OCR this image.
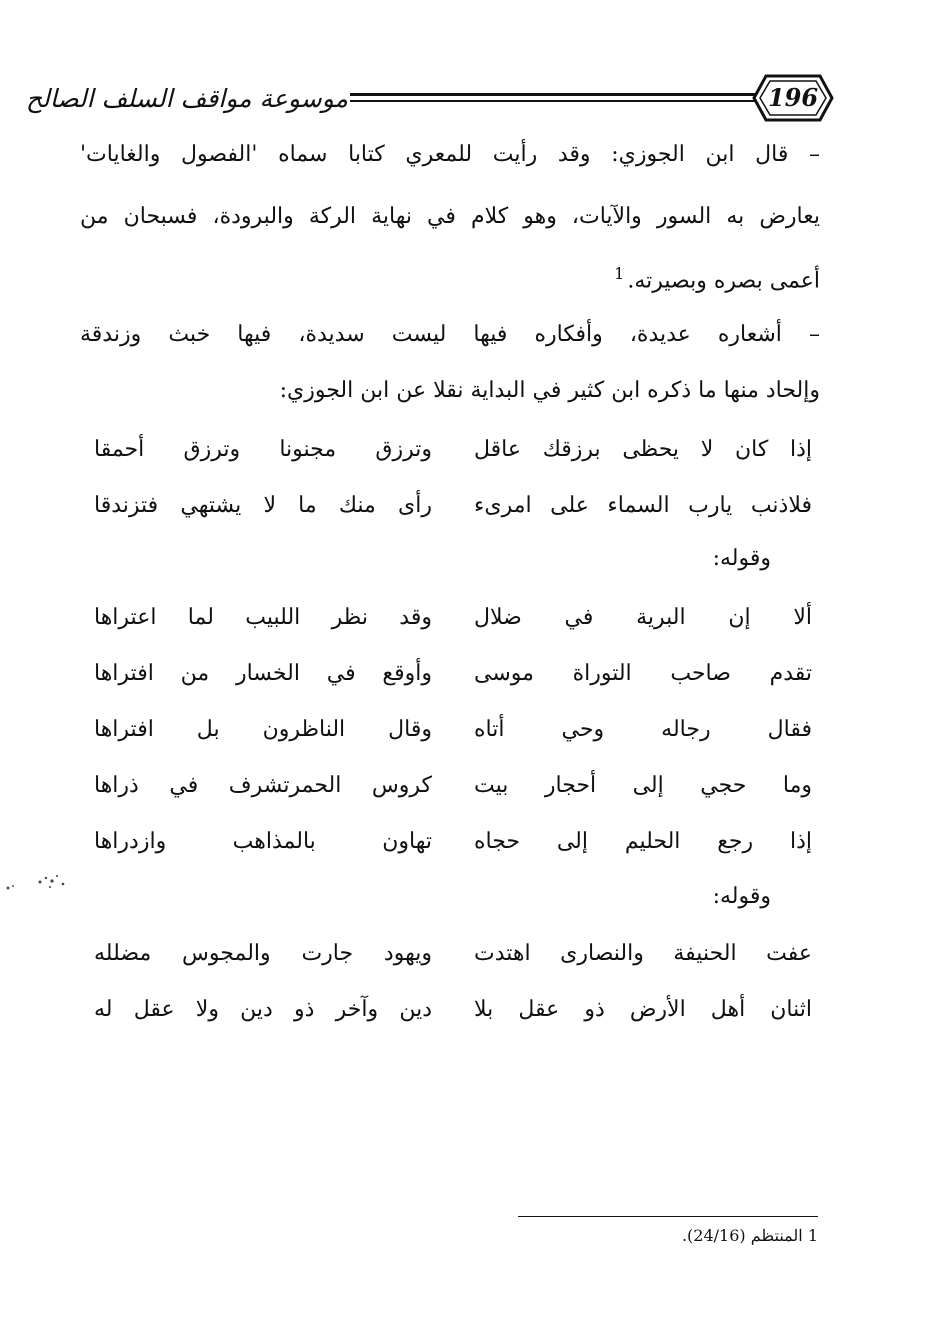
موسوعة مواقف السلف الصالح	196
– قال ابن الجوزي: وقد رأيت للمعري كتابا سماه 'الفصول والغايات'
يعارض به السور والآيات، وهو كلام في نهاية الركة والبرودة، فسبحان من
أعمى بصره وبصيرته.$^1$
– أشعاره عديدة، وأفكاره فيها ليست سديدة، فيها خبث وزندقة
وإلحاد منها ما ذكره ابن كثير في البداية نقلا عن ابن الجوزي:
إذا كان لا يحظى برزقك عاقل
وترزق مجنونا وترزق أحمقا
فلاذنب يارب السماء على امرىء
رأى منك ما لا يشتهي فتزندقا
وقوله:
ألا إن البرية في ضلال
وقد نظر اللبيب لما اعتراها
تقدم صاحب التوراة موسى
وأوقع في الخسار من افتراها
فقال رجاله وحي أتاه
وقال الناظرون بل افتراها
وما حجي إلى أحجار بيت
كروس الحمرتشرف في ذراها
إذا رجع الحليم إلى حجاه
تهاون بالمذاهب وازدراها
وقوله:
عفت الحنيفة والنصارى اهتدت
ويهود جارت والمجوس مضلله
اثنان أهل الأرض ذو عقل بلا
دين وآخر ذو دين ولا عقل له
1 المنتظم (24/16).
